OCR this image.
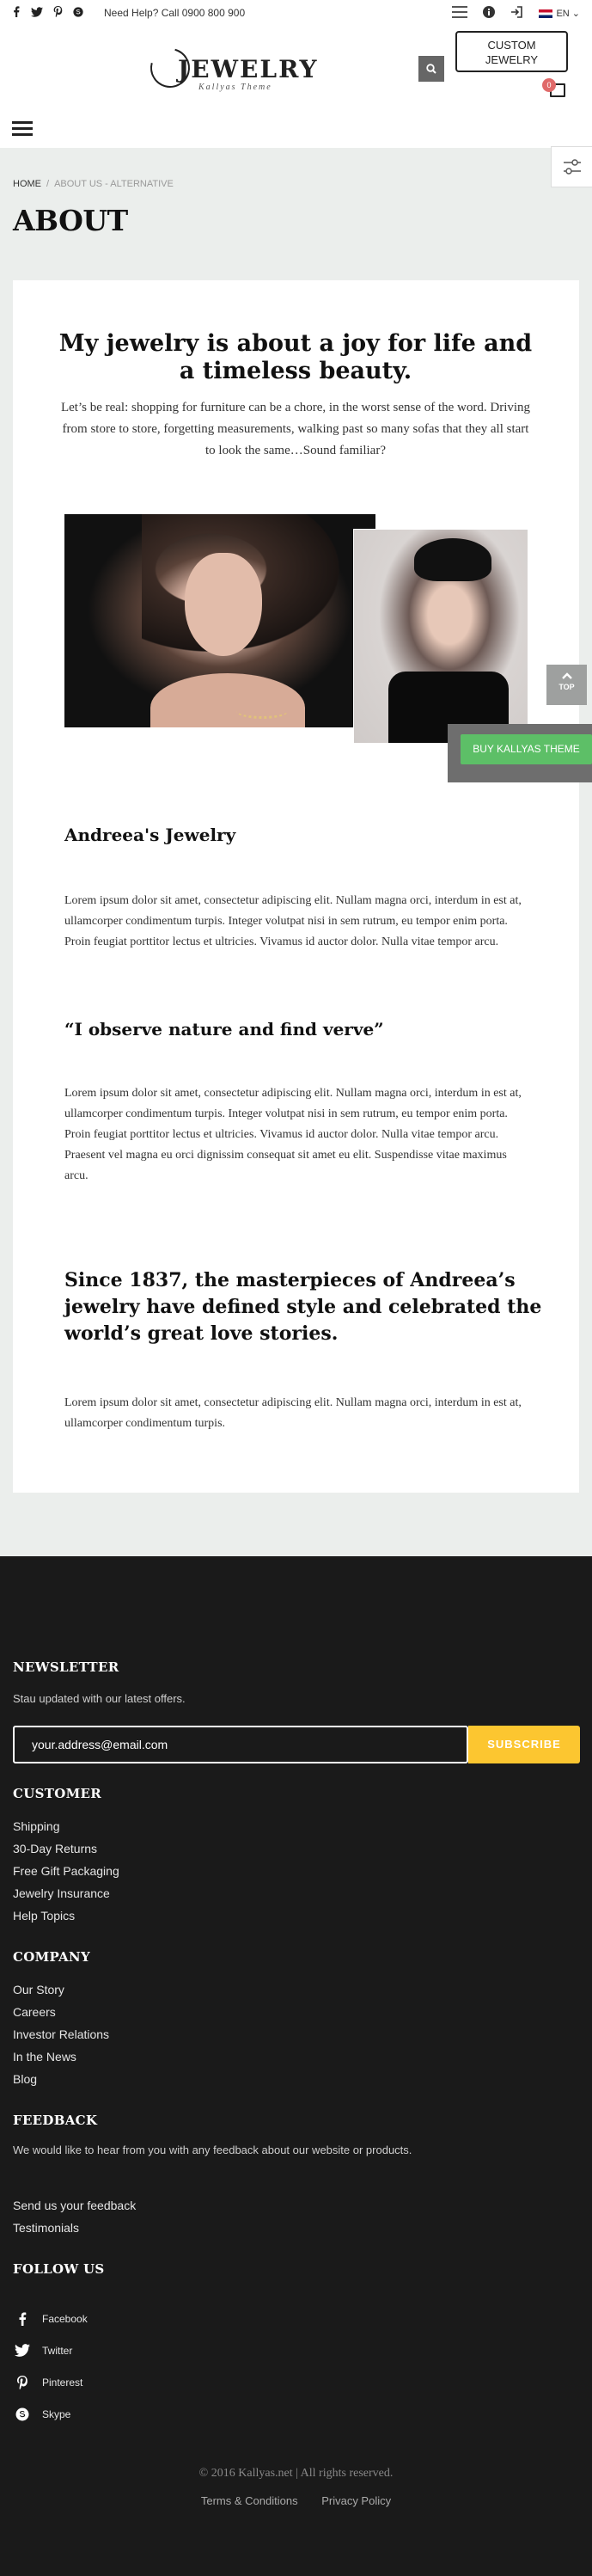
Need Help? Call 0900 800 900	EN ⌄
JEWELRY
Kallyas Theme
CUSTOM
JEWELRY
0
HOME / ABOUT US - ALTERNATIVE
ABOUT
My jewelry is about a joy for life and a timeless beauty.

Let’s be real: shopping for furniture can be a chore, in the worst sense of the word. Driving from store to store, forgetting measurements, walking past so many sofas that they all start to look the same…Sound familiar?

Andreea's Jewelry

Lorem ipsum dolor sit amet, consectetur adipiscing elit. Nullam magna orci, interdum in est at, ullamcorper condimentum turpis. Integer volutpat nisi in sem rutrum, eu tempor enim porta. Proin feugiat porttitor lectus et ultricies. Vivamus id auctor dolor. Nulla vitae tempor arcu.

“I observe nature and find verve”

Lorem ipsum dolor sit amet, consectetur adipiscing elit. Nullam magna orci, interdum in est at, ullamcorper condimentum turpis. Integer volutpat nisi in sem rutrum, eu tempor enim porta. Proin feugiat porttitor lectus et ultricies. Vivamus id auctor dolor. Nulla vitae tempor arcu. Praesent vel magna eu orci dignissim consequat sit amet eu elit. Suspendisse vitae maximus arcu.

Since 1837, the masterpieces of Andreea’s jewelry have defined style and celebrated the world’s great love stories.

Lorem ipsum dolor sit amet, consectetur adipiscing elit. Nullam magna orci, interdum in est at, ullamcorper condimentum turpis.

TOP
BUY KALLYAS THEME
NEWSLETTER

Stau updated with our latest offers.

your.address@email.com	SUBSCRIBE
CUSTOMER
Shipping
30-Day Returns
Free Gift Packaging
Jewelry Insurance
Help Topics
COMPANY
Our Story
Careers
Investor Relations
In the News
Blog
FEEDBACK

We would like to hear from you with any feedback about our website or products.

Send us your feedback
Testimonials
FOLLOW US
Facebook
Twitter
Pinterest
Skype

© 2016 Kallyas.net | All rights reserved.

Terms & Conditions Privacy Policy
